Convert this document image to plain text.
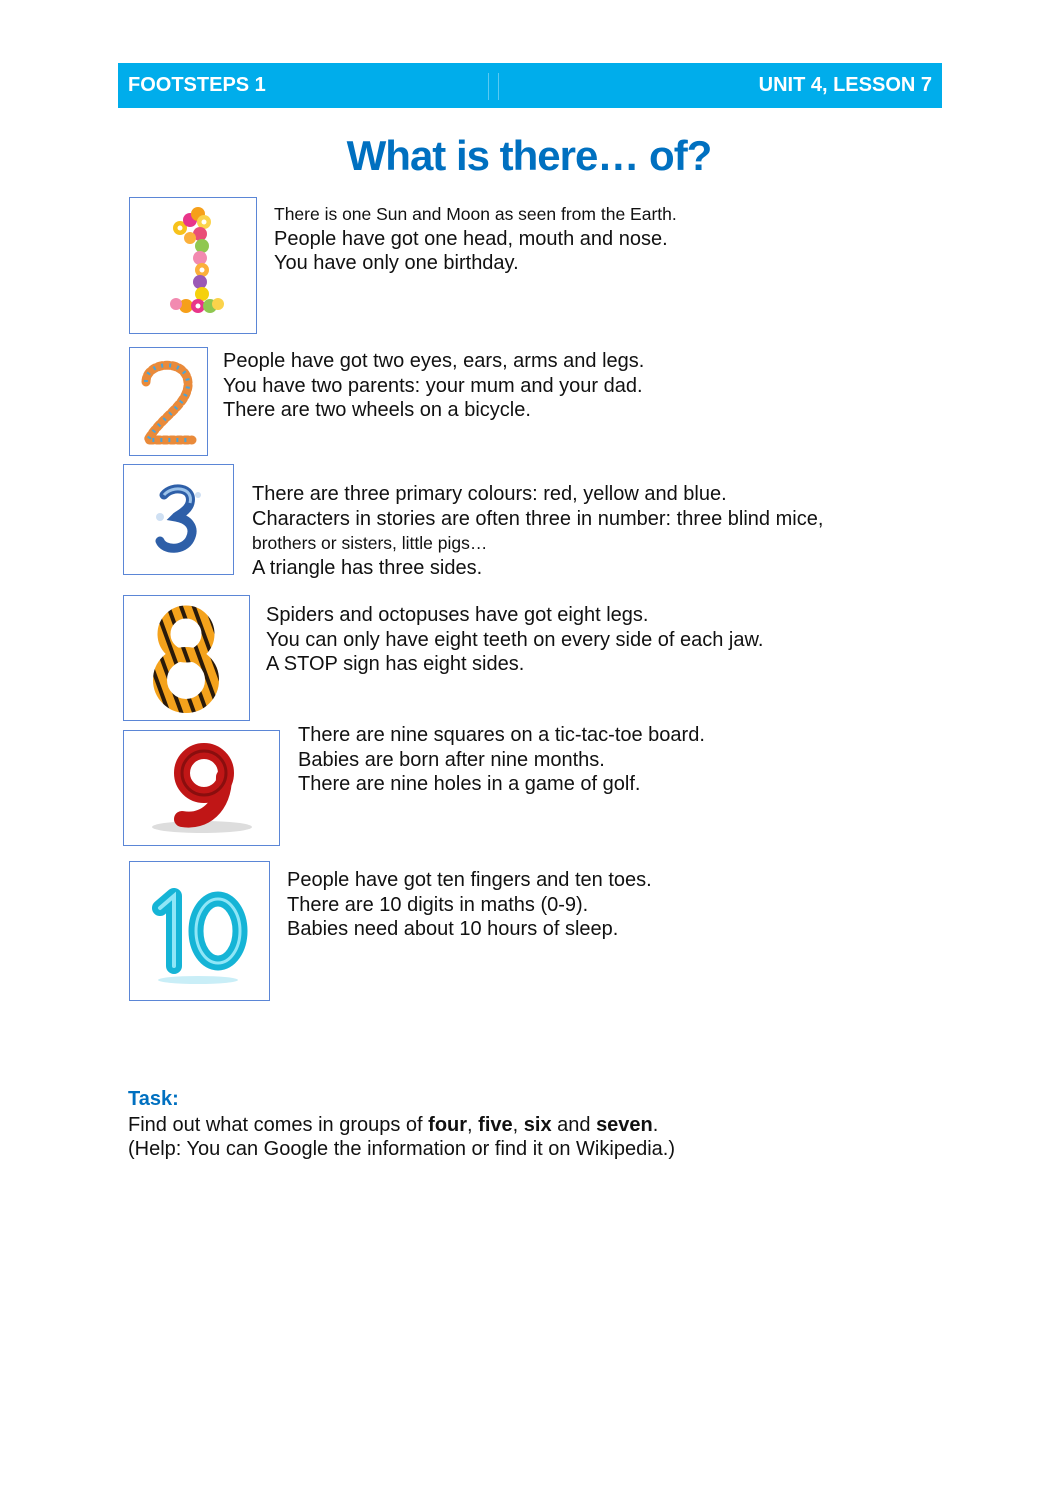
FOOTSTEPS 1	UNIT 4, LESSON 7
What is there… of?
There is one Sun and Moon as seen from the Earth.
People have got one head, mouth and nose.
You have only one birthday.
People have got two eyes, ears, arms and legs.
You have two parents: your mum and your dad.
There are two wheels on a bicycle.
There are three primary colours: red, yellow and blue.
Characters in stories are often three in number: three blind mice,
brothers or sisters, little pigs…
A triangle has three sides.
Spiders and octopuses have got eight legs.
You can only have eight teeth on every side of each jaw.
A STOP sign has eight sides.
There are nine squares on a tic-tac-toe board.
Babies are born after nine months.
There are nine holes in a game of golf.
People have got ten fingers and ten toes.
There are 10 digits in maths (0-9).
Babies need about 10 hours of sleep.
Task:
Find out what comes in groups of four, five, six and seven.
(Help: You can Google the information or find it on Wikipedia.)
